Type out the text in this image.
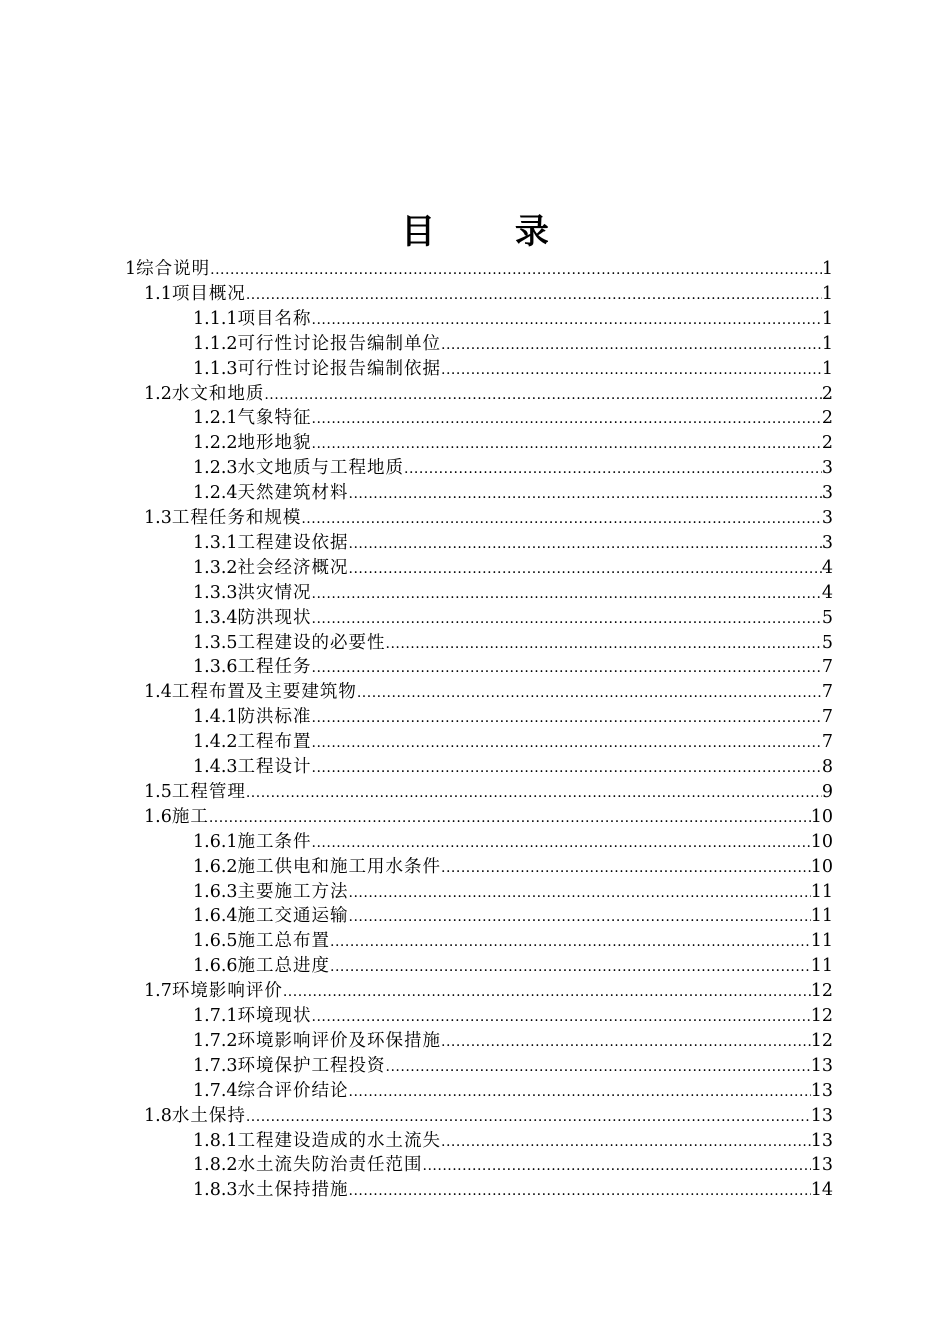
目 录
1 综合说明 .....	1
1.1 项目概况 .....	1
1.1.1 项目名称 .....	1
1.1.2 可行性讨论报告编制单位 .....	1
1.1.3 可行性讨论报告编制依据 .....	1
1.2 水文和地质 .....	2
1.2.1 气象特征 .....	2
1.2.2 地形地貌 .....	2
1.2.3 水文地质与工程地质 .....	3
1.2.4 天然建筑材料 .....	3
1.3 工程任务和规模 .....	3
1.3.1 工程建设依据 .....	3
1.3.2 社会经济概况 .....	4
1.3.3 洪灾情况 .....	4
1.3.4 防洪现状 .....	5
1.3.5 工程建设的必要性 .....	5
1.3.6 工程任务 .....	7
1.4 工程布置及主要建筑物 .....	7
1.4.1 防洪标准 .....	7
1.4.2 工程布置 .....	7
1.4.3 工程设计 .....	8
1.5 工程管理 .....	9
1.6 施工 .....	10
1.6.1 施工条件 .....	10
1.6.2 施工供电和施工用水条件 .....	10
1.6.3 主要施工方法 .....	11
1.6.4 施工交通运输 .....	11
1.6.5 施工总布置 .....	11
1.6.6 施工总进度 .....	11
1.7 环境影响评价 .....	12
1.7.1 环境现状 .....	12
1.7.2 环境影响评价及环保措施 .....	12
1.7.3 环境保护工程投资 .....	13
1.7.4 综合评价结论 .....	13
1.8 水土保持 .....	13
1.8.1 工程建设造成的水土流失 .....	13
1.8.2 水土流失防治责任范围 .....	13
1.8.3 水土保持措施 .....	14
